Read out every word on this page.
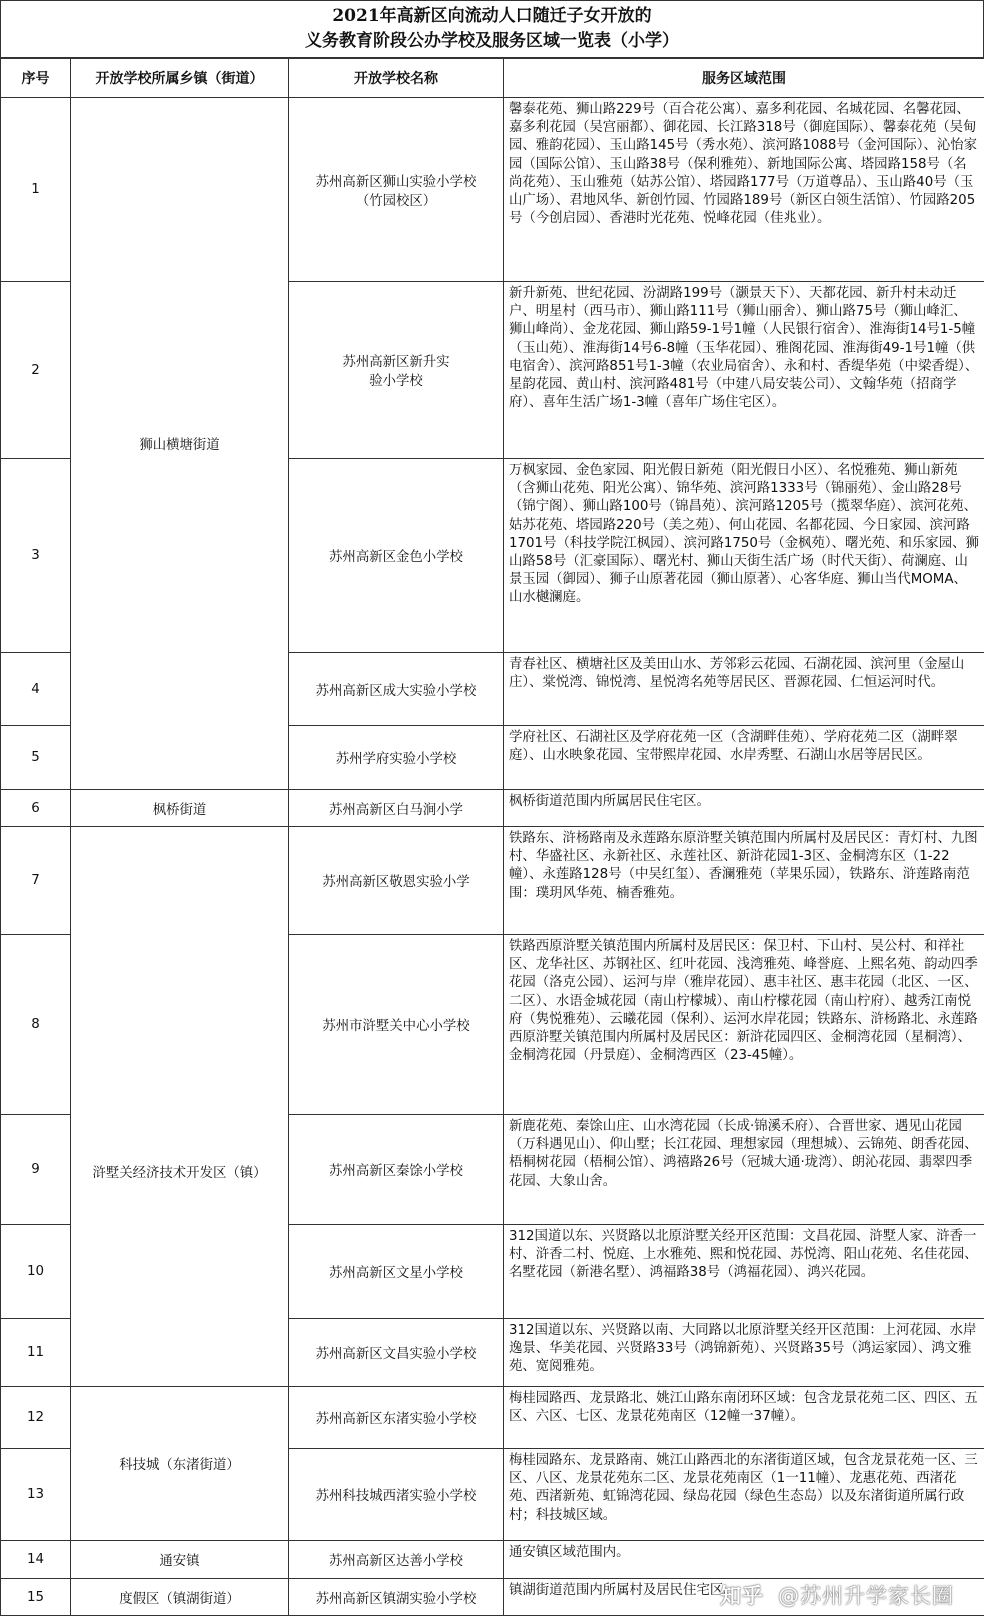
2021年高新区向流动人口随迁子女开放的
义务教育阶段公办学校及服务区域一览表（小学）
序号	开放学校所属乡镇（街道）	开放学校名称	服务区域范围
1	狮山横塘街道	苏州高新区狮山实验小学校（竹园校区）	馨泰花苑、狮山路229号（百合花公寓）、嘉多利花园、名城花园、名馨花园、嘉多利花园（吴宫丽都）、御花园、长江路318号（御庭国际）、馨泰花苑（吴甸园、雅韵花园）、玉山路145号（秀水苑）、滨河路1088号（金河国际）、沁怡家园（国际公馆）、玉山路38号（保利雅苑）、新地国际公寓、塔园路158号（名尚花苑）、玉山雅苑（姑苏公馆）、塔园路177号（万道尊品）、玉山路40号（玉山广场）、君地风华、新创竹园、竹园路189号（新区白领生活馆）、竹园路205号（今创启园）、香港时光花苑、悦峰花园（佳兆业）。
2		苏州高新区新升实验小学校	新升新苑、世纪花园、汾湖路199号（灏景天下）、天都花园、新升村未动迁户、明星村（西马市）、狮山路111号（狮山丽舍）、狮山路75号（狮山峰汇、狮山峰尚）、金龙花园、狮山路59-1号1幢（人民银行宿舍）、淮海街14号1-5幢（玉山苑）、淮海街14号6-8幢（玉华花园）、雅阁花园、淮海街49-1号1幢（供电宿舍）、滨河路851号1-3幢（农业局宿舍）、永和村、香缇华苑（中梁香缇）、星韵花园、黄山村、滨河路481号（中建八局安装公司）、文翰华苑（招商学府）、喜年生活广场1-3幢（喜年广场住宅区）。
3		苏州高新区金色小学校	万枫家园、金色家园、阳光假日新苑（阳光假日小区）、名悦雅苑、狮山新苑（含狮山花苑、阳光公寓）、锦华苑、滨河路1333号（锦丽苑）、金山路28号（锦宁阁）、狮山路100号（锦昌苑）、滨河路1205号（揽翠华庭）、滨河花苑、姑苏花苑、塔园路220号（美之苑）、何山花园、名都花园、今日家园、滨河路1701号（科技学院江枫园）、滨河路1750号（金枫苑）、曙光苑、和乐家园、狮山路58号（汇豪国际）、曙光村、狮山天街生活广场（时代天街）、荷澜庭、山景玉园（御园）、狮子山原著花园（狮山原著）、心客华庭、狮山当代MOMA、山水樾澜庭。
4		苏州高新区成大实验小学校	青春社区、横塘社区及美田山水、芳邻彩云花园、石湖花园、滨河里（金屋山庄）、棠悦湾、锦悦湾、星悦湾名苑等居民区、晋源花园、仁恒运河时代。
5		苏州学府实验小学校	学府社区、石湖社区及学府花苑一区（含湖畔佳苑）、学府花苑二区（湖畔翠庭）、山水映象花园、宝带熙岸花园、水岸秀墅、石湖山水居等居民区。
6	枫桥街道	苏州高新区白马涧小学	枫桥街道范围内所属居民住宅区。
7	浒墅关经济技术开发区（镇）	苏州高新区敬恩实验小学	铁路东、浒杨路南及永莲路东原浒墅关镇范围内所属村及居民区：青灯村、九图村、华盛社区、永新社区、永莲社区、新浒花园1-3区、金桐湾东区（1-22幢）、永莲路128号（中吴红玺）、香澜雅苑（苹果乐园），铁路东、浒莲路南范围：璞玥风华苑、楠香雅苑。
8		苏州市浒墅关中心小学校	铁路西原浒墅关镇范围内所属村及居民区：保卫村、下山村、吴公村、和祥社区、龙华社区、苏钢社区、红叶花园、浅湾雅苑、峰誉庭、上熙名苑、韵动四季花园（洛克公园）、运河与岸（雅岸花园）、惠丰社区、惠丰花园（北区、一区、二区）、水语金城花园（南山柠檬城）、南山柠檬花园（南山柠府）、越秀江南悦府（隽悦雅苑）、云曦花园（保利）、运河水岸花园；铁路东、浒杨路北、永莲路西原浒墅关镇范围内所属村及居民区：新浒花园四区、金桐湾花园（星桐湾）、金桐湾花园（丹景庭）、金桐湾西区（23-45幢）。
9		苏州高新区秦馀小学校	新鹿花苑、秦馀山庄、山水湾花园（长成·锦溪禾府）、合晋世家、遇见山花园（万科遇见山）、仰山墅；长江花园、理想家园（理想城）、云锦苑、朗香花园、梧桐树花园（梧桐公馆）、鸿禧路26号（冠城大通·珑湾）、朗沁花园、翡翠四季花园、大象山舍。
10		苏州高新区文星小学校	312国道以东、兴贤路以北原浒墅关经开区范围：文昌花园、浒墅人家、浒香一村、浒香二村、悦庭、上水雅苑、熙和悦花园、苏悦湾、阳山花苑、名佳花园、名墅花园（新港名墅）、鸿福路38号（鸿福花园）、鸿兴花园。
11		苏州高新区文昌实验小学校	312国道以东、兴贤路以南、大同路以北原浒墅关经开区范围：上河花园、水岸逸景、华美花园、兴贤路33号（鸿锦新苑）、兴贤路35号（鸿运家园）、鸿文雅苑、宽阅雅苑。
12	科技城（东渚街道）	苏州高新区东渚实验小学校	梅桂园路西、龙景路北、姚江山路东南闭环区域：包含龙景花苑二区、四区、五区、六区、七区、龙景花苑南区（12幢一37幢）。
13		苏州科技城西渚实验小学校	梅桂园路东、龙景路南、姚江山路西北的东渚街道区域，包含龙景花苑一区、三区、八区、龙景花苑东二区、龙景花苑南区（1一11幢）、龙惠花苑、西渚花苑、西渚新苑、虹锦湾花园、绿岛花园（绿色生态岛）以及东渚街道所属行政村；科技城区域。
14	通安镇	苏州高新区达善小学校	通安镇区域范围内。
15	度假区（镇湖街道）	苏州高新区镇湖实验小学校	镇湖街道范围内所属村及居民住宅区。
知乎 @苏州升学家长圈
